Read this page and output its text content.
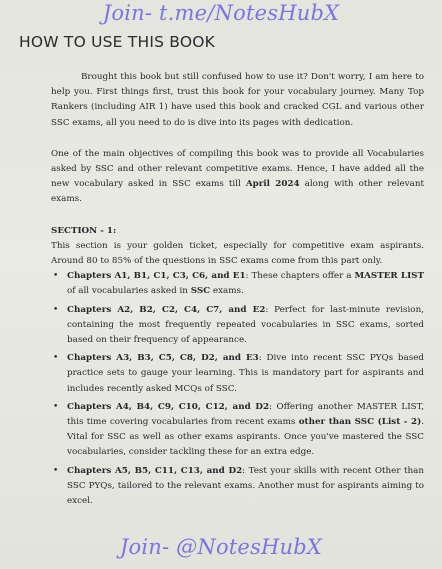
Join- t.me/NotesHubX
HOW TO USE THIS BOOK

Brought this book but still confused how to use it? Don't worry, I am here to help you. First things first, trust this book for your vocabulary journey. Many Top Rankers (including AIR 1) have used this book and cracked CGL and various other SSC exams, all you need to do is dive into its pages with dedication.

One of the main objectives of compiling this book was to provide all Vocabularies asked by SSC and other relevant competitive exams. Hence, I have added all the new vocabulary asked in SSC exams till April 2024 along with other relevant exams.

SECTION - 1:

This section is your golden ticket, especially for competitive exam aspirants. Around 80 to 85% of the questions in SSC exams come from this part only.

• Chapters A1, B1, C1, C3, C6, and E1: These chapters offer a MASTER LIST of all vocabularies asked in SSC exams.
• Chapters A2, B2, C2, C4, C7, and E2: Perfect for last-minute revision, containing the most frequently repeated vocabularies in SSC exams, sorted based on their frequency of appearance.
• Chapters A3, B3, C5, C8, D2, and E3: Dive into recent SSC PYQs based practice sets to gauge your learning. This is mandatory part for aspirants and includes recently asked MCQs of SSC.
• Chapters A4, B4, C9, C10, C12, and D2: Offering another MASTER LIST, this time covering vocabularies from recent exams other than SSC (List - 2). Vital for SSC as well as other exams aspirants. Once you've mastered the SSC vocabularies, consider tackling these for an extra edge.
• Chapters A5, B5, C11, C13, and D2: Test your skills with recent Other than SSC PYQs, tailored to the relevant exams. Another must for aspirants aiming to excel.
Join- @NotesHubX
